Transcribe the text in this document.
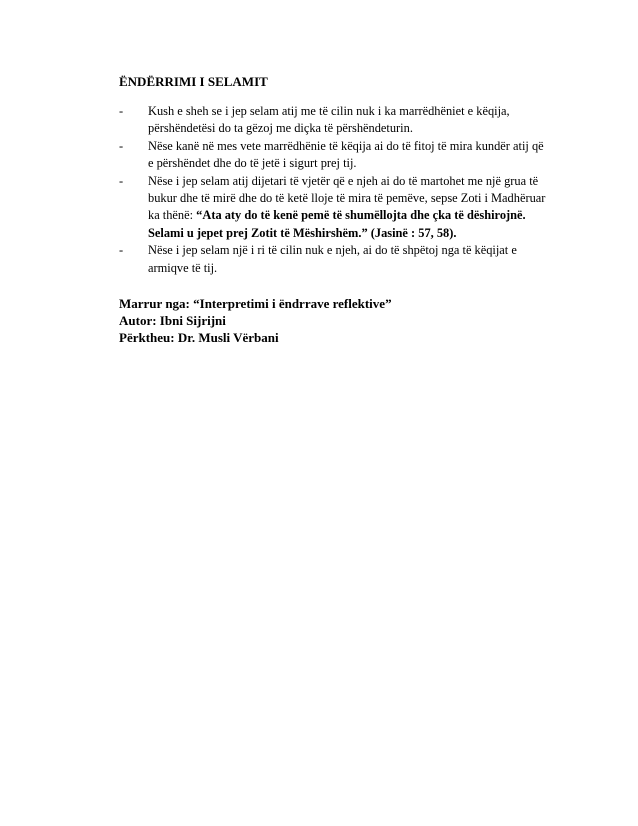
ËNDËRRIMI I SELAMIT
- Kush e sheh se i jep selam atij me të cilin nuk i ka marrëdhëniet e këqija, përshëndetësi do ta gëzoj me diçka të përshëndeturin.
- Nëse kanë në mes vete marrëdhënie të këqija ai do të fitoj të mira kundër atij që e përshëndet dhe do të jetë i sigurt prej tij.
- Nëse i jep selam atij dijetari të vjetër që e njeh ai do të martohet me një grua të bukur dhe të mirë dhe do të ketë lloje të mira të pemëve, sepse Zoti i Madhëruar ka thënë: “Ata aty do të kenë pemë të shumëllojta dhe çka të dëshirojnë. Selami u jepet prej Zotit të Mëshirshëm.” (Jasinë : 57, 58).
- Nëse i jep selam një i ri të cilin nuk e njeh, ai do të shpëtoj nga të këqijat e armiqve të tij.
Marrur nga: “Interpretimi i ëndrrave reflektive”
Autor: Ibni Sijrijni
Përktheu: Dr. Musli Vërbani
